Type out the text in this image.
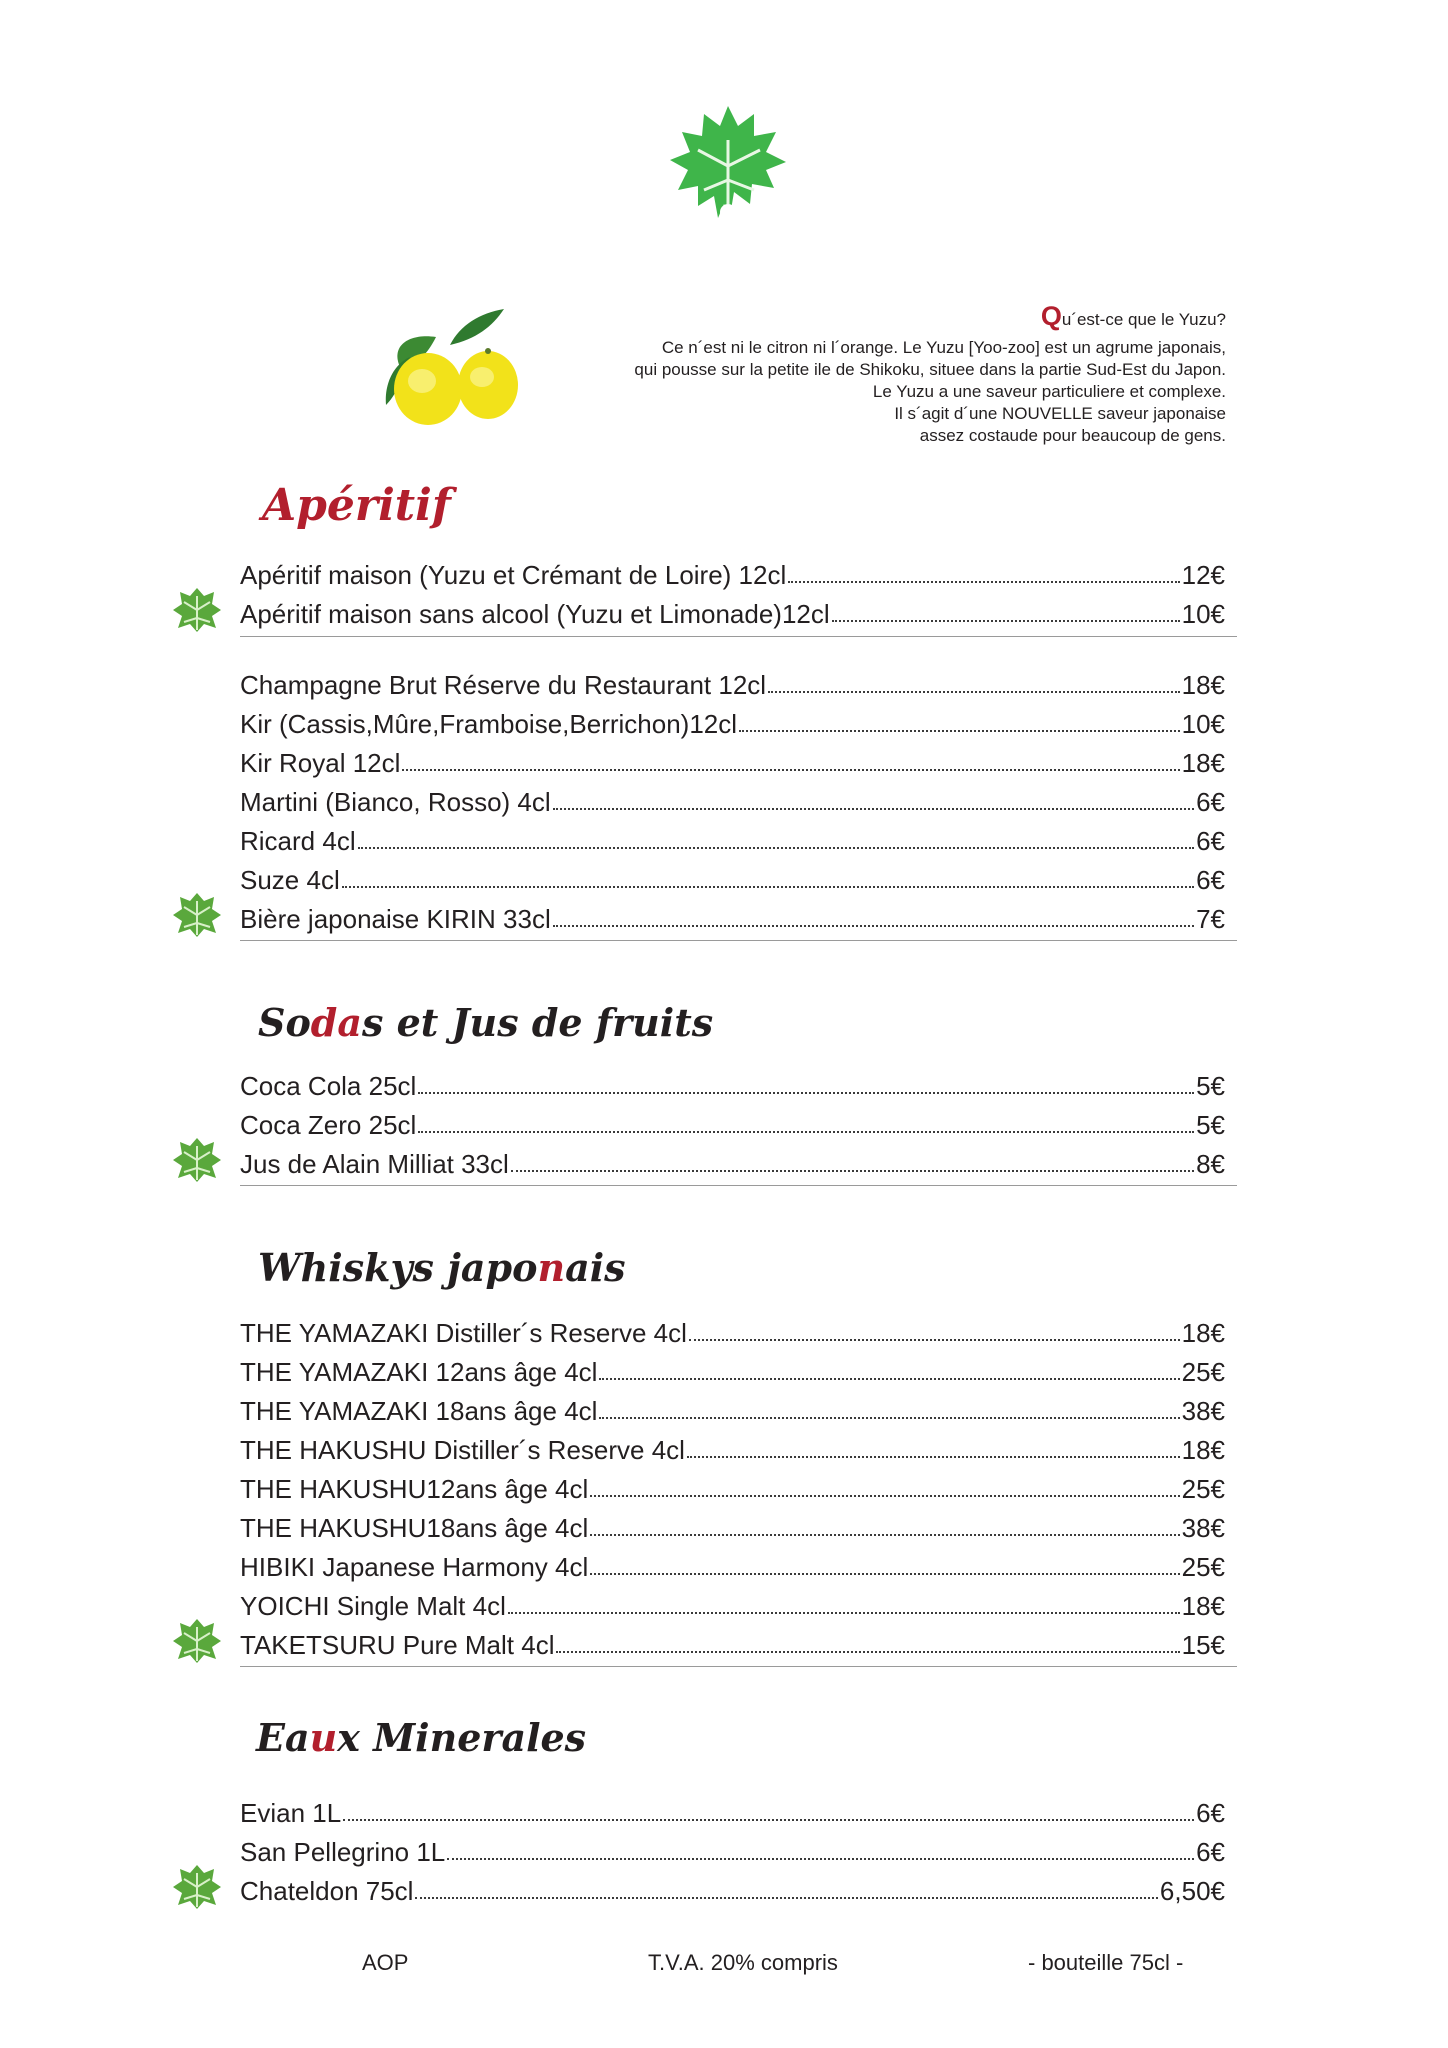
Qu´est-ce que le Yuzu?
Ce n´est ni le citron ni l´orange. Le Yuzu [Yoo-zoo] est un agrume japonais,
qui pousse sur la petite ile de Shikoku, situee dans la partie Sud-Est du Japon.
Le Yuzu a une saveur particuliere et complexe.
Il s´agit d´une NOUVELLE saveur japonaise
assez costaude pour beaucoup de gens.
Apéritif
Apéritif maison (Yuzu et Crémant de Loire) 12cl	12€
Apéritif maison sans alcool (Yuzu et Limonade)12cl	10€
Champagne Brut Réserve du Restaurant 12cl	18€
Kir (Cassis,Mûre,Framboise,Berrichon)12cl	10€
Kir Royal 12cl	18€
Martini (Bianco, Rosso) 4cl	6€
Ricard 4cl	6€
Suze 4cl	6€
Bière japonaise KIRIN 33cl	7€
Sodas et Jus de fruits
Coca Cola 25cl	5€
Coca Zero 25cl	5€
Jus de Alain Milliat 33cl	8€
Whiskys japonais
THE YAMAZAKI Distiller´s Reserve 4cl	18€
THE YAMAZAKI 12ans âge 4cl	25€
THE YAMAZAKI 18ans âge 4cl	38€
THE HAKUSHU Distiller´s Reserve 4cl	18€
THE HAKUSHU12ans âge 4cl	25€
THE HAKUSHU18ans âge 4cl	38€
HIBIKI Japanese Harmony 4cl	25€
YOICHI Single Malt 4cl	18€
TAKETSURU Pure Malt 4cl	15€
Eaux Minerales
Evian 1L	6€
San Pellegrino 1L	6€
Chateldon 75cl	6,50€
AOP	T.V.A. 20% compris	- bouteille 75cl -
